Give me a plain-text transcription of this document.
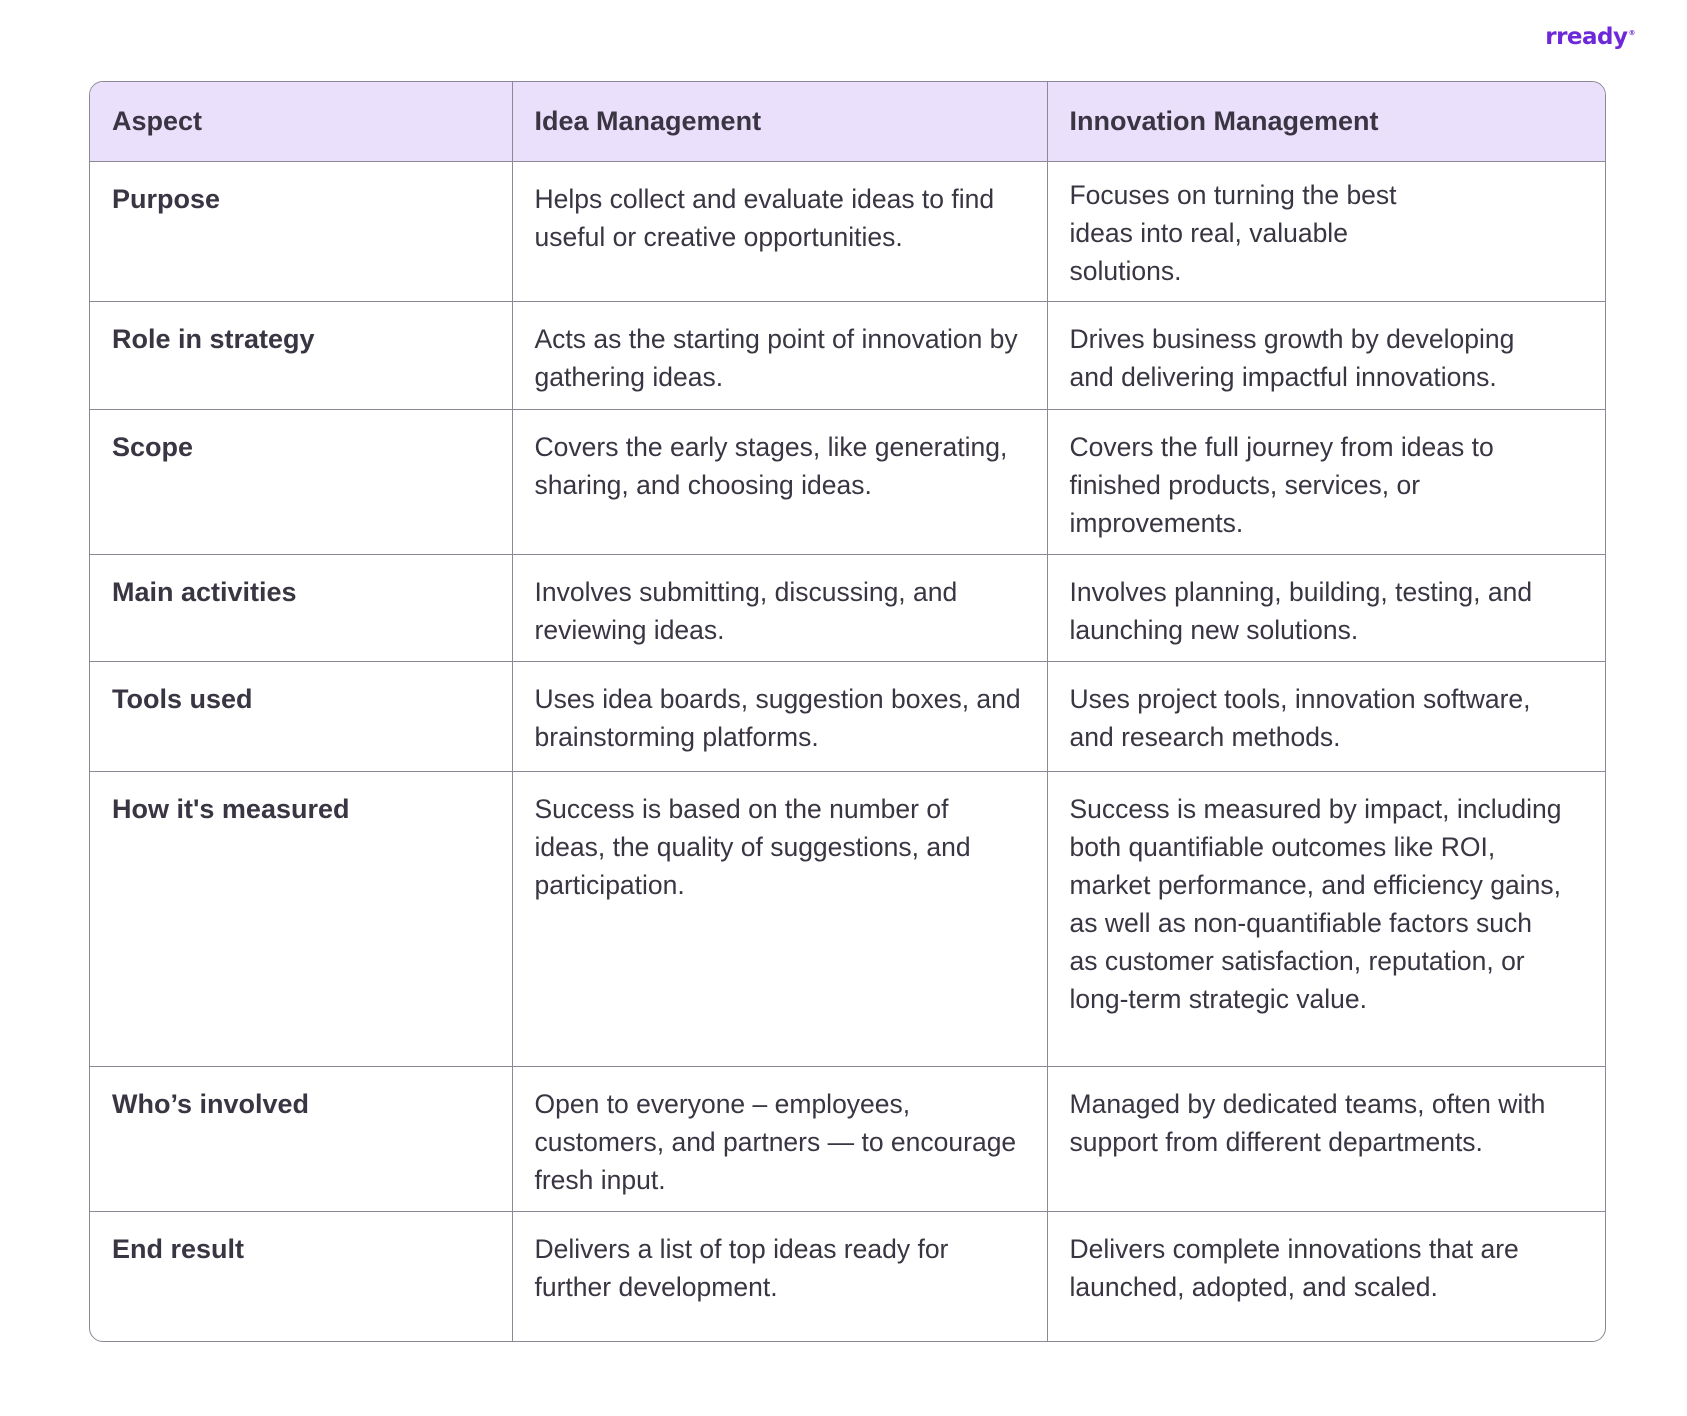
rready®
Aspect	Idea Management	Innovation Management
Purpose	Helps collect and evaluate ideas to find useful or creative opportunities.	Focuses on turning the best ideas into real, valuable solutions.
Role in strategy	Acts as the starting point of innovation by gathering ideas.	Drives business growth by developing and delivering impactful innovations.
Scope	Covers the early stages, like generating, sharing, and choosing ideas.	Covers the full journey from ideas to finished products, services, or improvements.
Main activities	Involves submitting, discussing, and reviewing ideas.	Involves planning, building, testing, and launching new solutions.
Tools used	Uses idea boards, suggestion boxes, and brainstorming platforms.	Uses project tools, innovation software, and research methods.
How it's measured	Success is based on the number of ideas, the quality of suggestions, and participation.	Success is measured by impact, including both quantifiable outcomes like ROI, market performance, and efficiency gains, as well as non-quantifiable factors such as customer satisfaction, reputation, or long-term strategic value.
Who’s involved	Open to everyone – employees, customers, and partners — to encourage fresh input.	Managed by dedicated teams, often with support from different departments.
End result	Delivers a list of top ideas ready for further development.	Delivers complete innovations that are launched, adopted, and scaled.
